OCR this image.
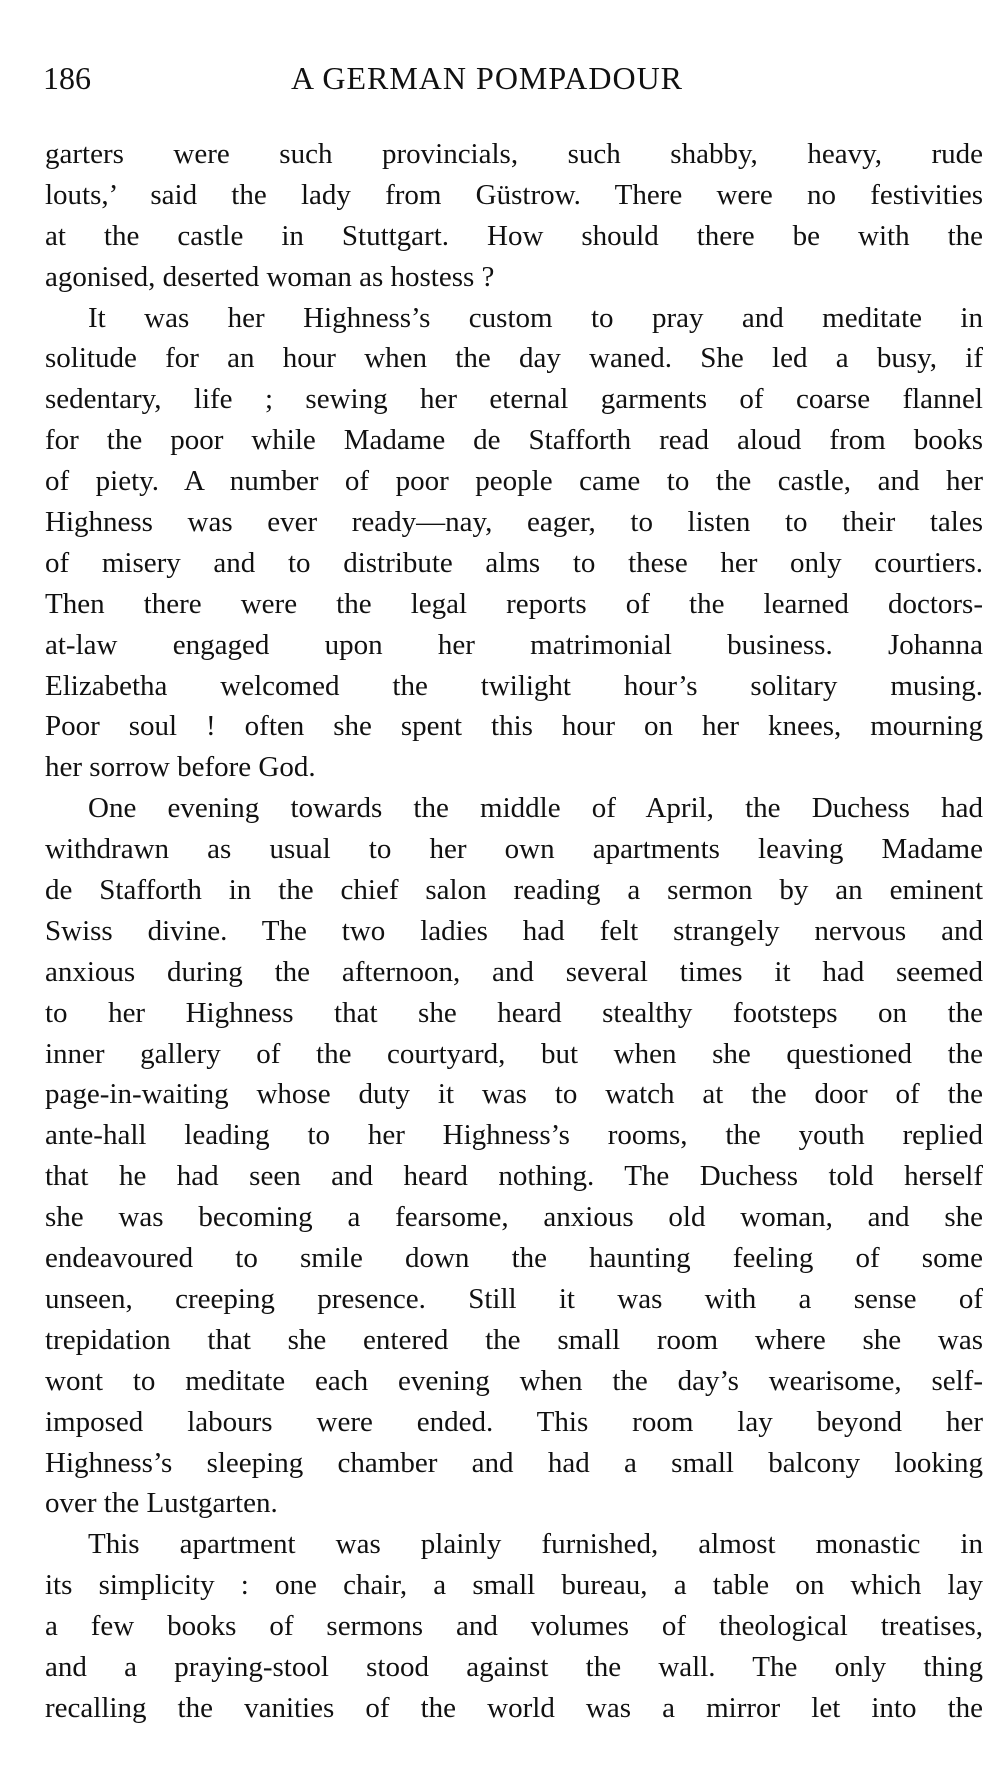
186	A GERMAN POMPADOUR
garters were such provincials, such shabby, heavy, rude
louts,’ said the lady from Güstrow. There were no festivities
at the castle in Stuttgart. How should there be with the
agonised, deserted woman as hostess ?
It was her Highness’s custom to pray and meditate in
solitude for an hour when the day waned. She led a busy, if
sedentary, life ; sewing her eternal garments of coarse flannel
for the poor while Madame de Stafforth read aloud from books
of piety. A number of poor people came to the castle, and her
Highness was ever ready—nay, eager, to listen to their tales
of misery and to distribute alms to these her only courtiers.
Then there were the legal reports of the learned doctors-
at-law engaged upon her matrimonial business. Johanna
Elizabetha welcomed the twilight hour’s solitary musing.
Poor soul ! often she spent this hour on her knees, mourning
her sorrow before God.
One evening towards the middle of April, the Duchess had
withdrawn as usual to her own apartments leaving Madame
de Stafforth in the chief salon reading a sermon by an eminent
Swiss divine. The two ladies had felt strangely nervous and
anxious during the afternoon, and several times it had seemed
to her Highness that she heard stealthy footsteps on the
inner gallery of the courtyard, but when she questioned the
page-in-waiting whose duty it was to watch at the door of the
ante-hall leading to her Highness’s rooms, the youth replied
that he had seen and heard nothing. The Duchess told herself
she was becoming a fearsome, anxious old woman, and she
endeavoured to smile down the haunting feeling of some
unseen, creeping presence. Still it was with a sense of
trepidation that she entered the small room where she was
wont to meditate each evening when the day’s wearisome, self-
imposed labours were ended. This room lay beyond her
Highness’s sleeping chamber and had a small balcony looking
over the Lustgarten.
This apartment was plainly furnished, almost monastic in
its simplicity : one chair, a small bureau, a table on which lay
a few books of sermons and volumes of theological treatises,
and a praying-stool stood against the wall. The only thing
recalling the vanities of the world was a mirror let into the
